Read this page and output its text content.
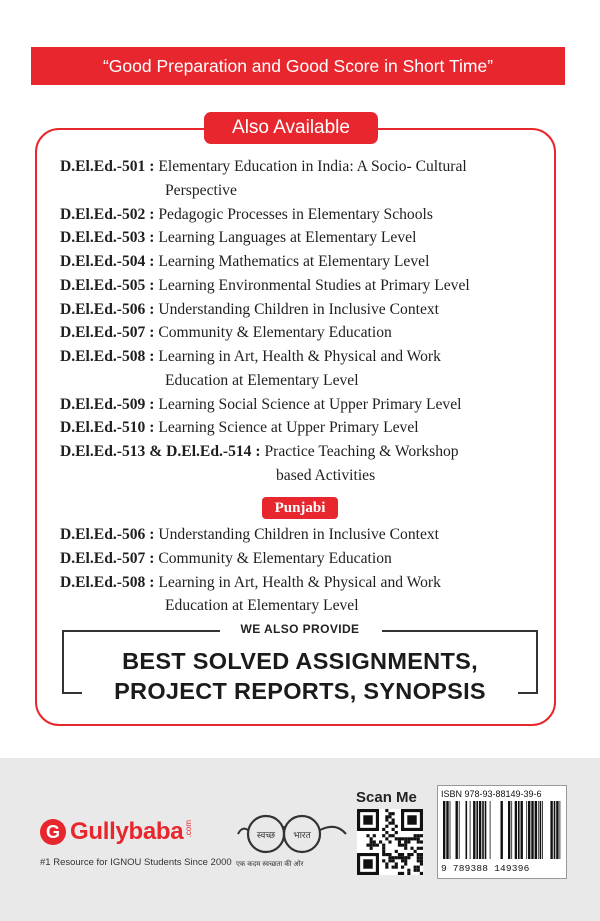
“Good Preparation and Good Score in Short Time”
Also Available
D.El.Ed.-501 : Elementary Education in India: A Socio- Cultural
Perspective
D.El.Ed.-502 : Pedagogic Processes in Elementary Schools
D.El.Ed.-503 : Learning Languages at Elementary Level
D.El.Ed.-504 : Learning Mathematics at Elementary Level
D.El.Ed.-505 : Learning Environmental Studies at Primary Level
D.El.Ed.-506 : Understanding Children in Inclusive Context
D.El.Ed.-507 : Community & Elementary Education
D.El.Ed.-508 : Learning in Art, Health & Physical and Work
Education at Elementary Level
D.El.Ed.-509 : Learning Social Science at Upper Primary Level
D.El.Ed.-510 : Learning Science at Upper Primary Level
D.El.Ed.-513 & D.El.Ed.-514 : Practice Teaching & Workshop
based Activities
Punjabi
D.El.Ed.-506 : Understanding Children in Inclusive Context
D.El.Ed.-507 : Community & Elementary Education
D.El.Ed.-508 : Learning in Art, Health & Physical and Work
Education at Elementary Level
WE ALSO PROVIDE
BEST SOLVED ASSIGNMENTS,
PROJECT REPORTS, SYNOPSIS
G Gullybaba .com
#1 Resource for IGNOU Students Since 2000
स्वच्छ भारत
एक कदम स्वच्छता की ओर
Scan Me	ISBN 978-93-88149-39-6
9 789388 149396
